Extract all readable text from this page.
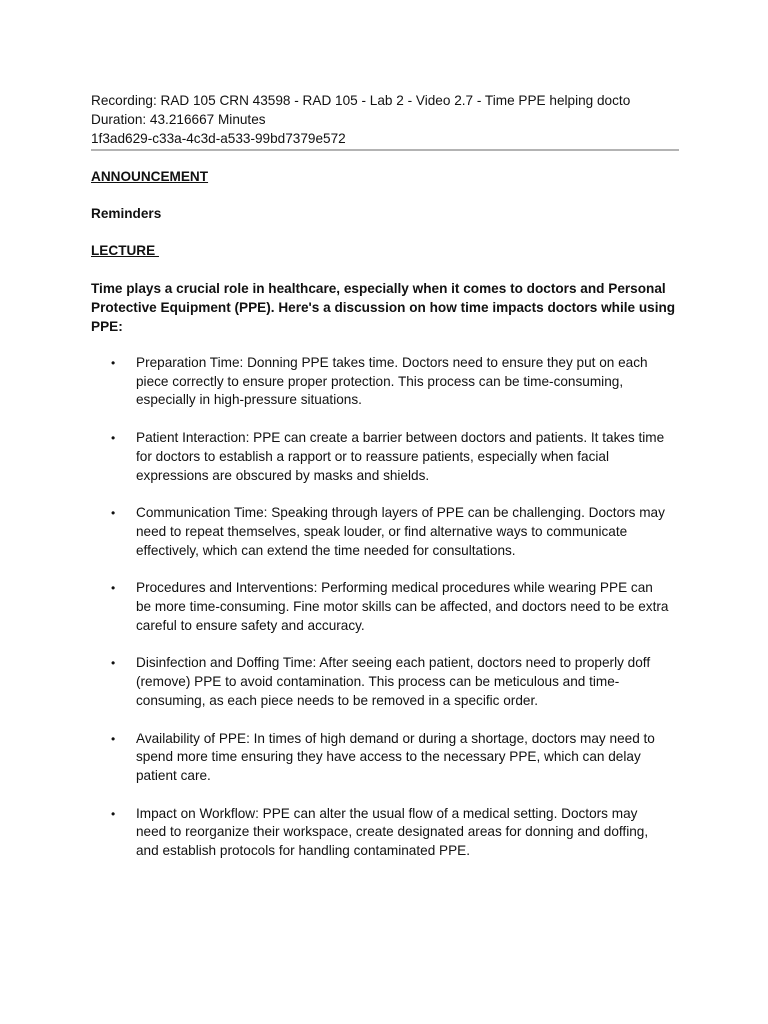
Recording: RAD 105 CRN 43598 - RAD 105 - Lab 2 - Video 2.7 - Time PPE helping docto

Duration: 43.216667 Minutes

1f3ad629-c33a-4c3d-a533-99bd7379e572

ANNOUNCEMENT

Reminders

LECTURE

Time plays a crucial role in healthcare, especially when it comes to doctors and Personal Protective Equipment (PPE). Here's a discussion on how time impacts doctors while using PPE:

• Preparation Time: Donning PPE takes time. Doctors need to ensure they put on each
piece correctly to ensure proper protection. This process can be time-consuming,
especially in high-pressure situations.
• Patient Interaction: PPE can create a barrier between doctors and patients. It takes time
for doctors to establish a rapport or to reassure patients, especially when facial
expressions are obscured by masks and shields.
• Communication Time: Speaking through layers of PPE can be challenging. Doctors may
need to repeat themselves, speak louder, or find alternative ways to communicate
effectively, which can extend the time needed for consultations.
• Procedures and Interventions: Performing medical procedures while wearing PPE can
be more time-consuming. Fine motor skills can be affected, and doctors need to be extra
careful to ensure safety and accuracy.
• Disinfection and Doffing Time: After seeing each patient, doctors need to properly doff
(remove) PPE to avoid contamination. This process can be meticulous and time-
consuming, as each piece needs to be removed in a specific order.
• Availability of PPE: In times of high demand or during a shortage, doctors may need to
spend more time ensuring they have access to the necessary PPE, which can delay
patient care.
• Impact on Workflow: PPE can alter the usual flow of a medical setting. Doctors may
need to reorganize their workspace, create designated areas for donning and doffing,
and establish protocols for handling contaminated PPE.
